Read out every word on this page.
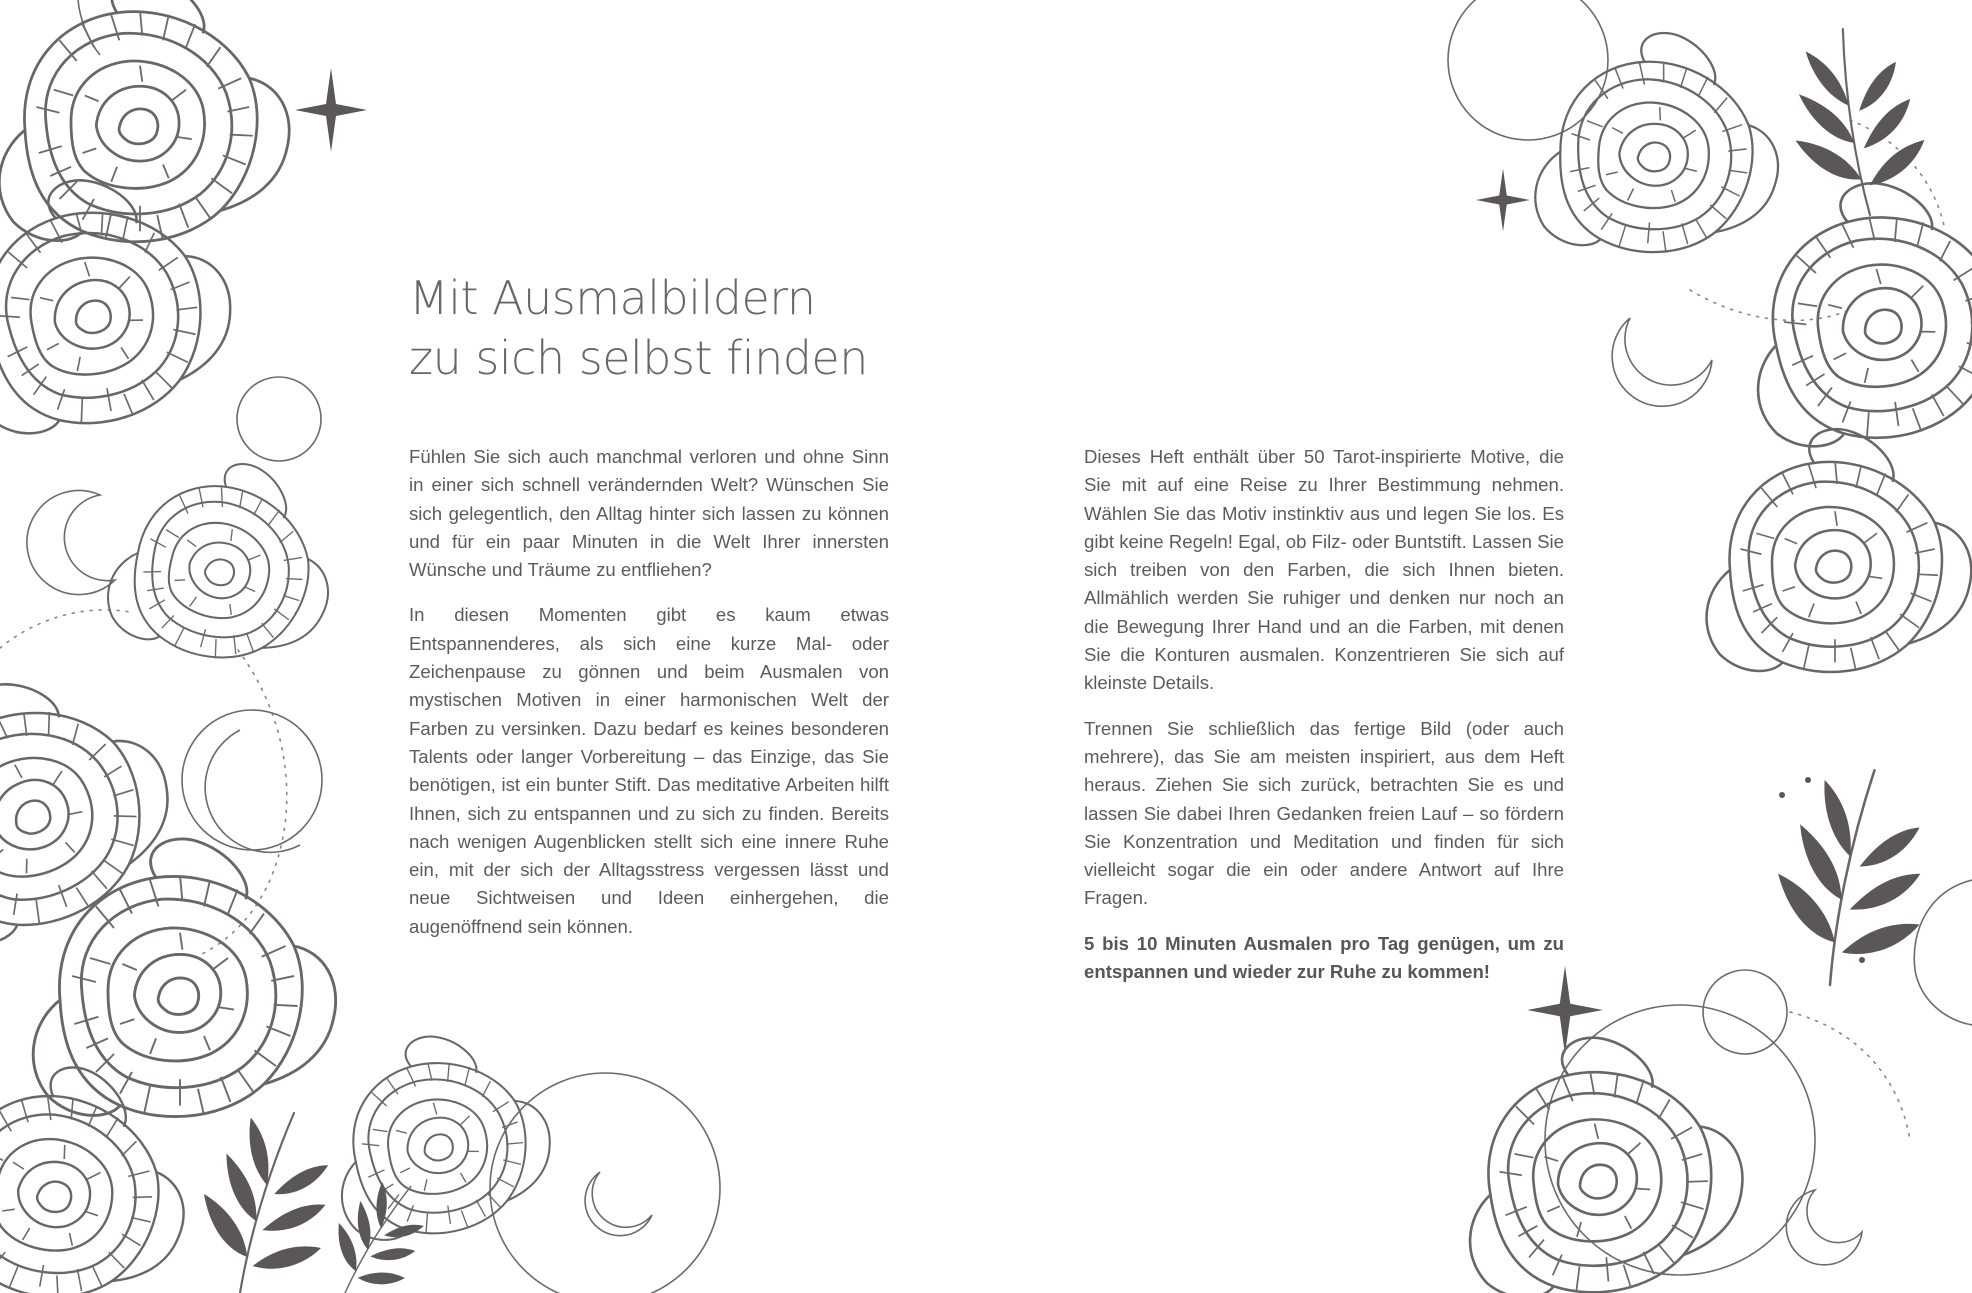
Mit Ausmalbildern
zu sich selbst finden

Fühlen Sie sich auch manchmal verloren und ohne Sinn in einer sich schnell verändernden Welt? Wünschen Sie sich gelegentlich, den Alltag hinter sich lassen zu können und für ein paar Minuten in die Welt Ihrer innersten Wünsche und Träume zu entfliehen?

In diesen Momenten gibt es kaum etwas Entspannenderes, als sich eine kurze Mal- oder Zeichenpause zu gönnen und beim Ausmalen von mystischen Motiven in einer harmonischen Welt der Farben zu versinken. Dazu bedarf es keines besonderen Talents oder langer Vorbereitung – das Einzige, das Sie benötigen, ist ein bunter Stift. Das meditative Arbeiten hilft Ihnen, sich zu entspannen und zu sich zu finden. Bereits nach wenigen Augenblicken stellt sich eine innere Ruhe ein, mit der sich der Alltagsstress vergessen lässt und neue Sichtweisen und Ideen einhergehen, die augenöffnend sein können.

Dieses Heft enthält über 50 Tarot-inspirierte Motive, die Sie mit auf eine Reise zu Ihrer Bestimmung nehmen. Wählen Sie das Motiv instinktiv aus und legen Sie los. Es gibt keine Regeln! Egal, ob Filz- oder Buntstift. Lassen Sie sich treiben von den Farben, die sich Ihnen bieten. Allmählich werden Sie ruhiger und denken nur noch an die Bewegung Ihrer Hand und an die Farben, mit denen Sie die Konturen ausmalen. Konzentrieren Sie sich auf kleinste Details.

Trennen Sie schließlich das fertige Bild (oder auch mehrere), das Sie am meisten inspiriert, aus dem Heft heraus. Ziehen Sie sich zurück, betrachten Sie es und lassen Sie dabei Ihren Gedanken freien Lauf – so fördern Sie Konzentration und Meditation und finden für sich vielleicht sogar die ein oder andere Antwort auf Ihre Fragen.

5 bis 10 Minuten Ausmalen pro Tag genügen, um zu entspannen und wieder zur Ruhe zu kommen!
